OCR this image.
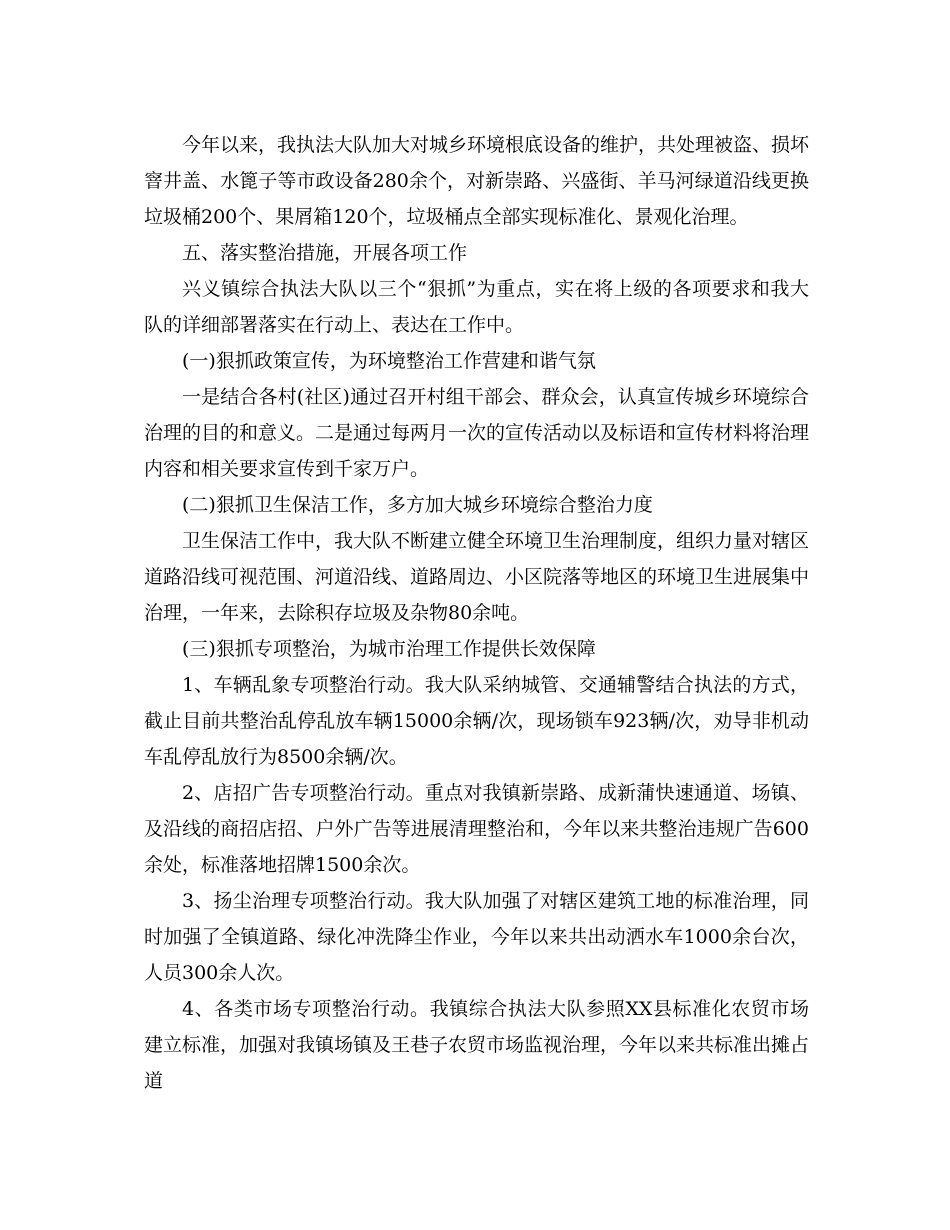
今年以来，我执法大队加大对城乡环境根底设备的维护，共处理被盗、损坏窨井盖、水篦子等市政设备280余个，对新崇路、兴盛街、羊马河绿道沿线更换垃圾桶200个、果屑箱120个，垃圾桶点全部实现标准化、景观化治理。

五、落实整治措施，开展各项工作

兴义镇综合执法大队以三个“狠抓”为重点，实在将上级的各项要求和我大队的详细部署落实在行动上、表达在工作中。

(一)狠抓政策宣传，为环境整治工作营建和谐气氛

一是结合各村(社区)通过召开村组干部会、群众会，认真宣传城乡环境综合治理的目的和意义。二是通过每两月一次的宣传活动以及标语和宣传材料将治理内容和相关要求宣传到千家万户。

(二)狠抓卫生保洁工作，多方加大城乡环境综合整治力度

卫生保洁工作中，我大队不断建立健全环境卫生治理制度，组织力量对辖区道路沿线可视范围、河道沿线、道路周边、小区院落等地区的环境卫生进展集中治理，一年来，去除积存垃圾及杂物80余吨。

(三)狠抓专项整治，为城市治理工作提供长效保障

1、车辆乱象专项整治行动。我大队采纳城管、交通辅警结合执法的方式，截止目前共整治乱停乱放车辆15000余辆/次，现场锁车923辆/次，劝导非机动车乱停乱放行为8500余辆/次。

2、店招广告专项整治行动。重点对我镇新崇路、成新蒲快速通道、场镇、及沿线的商招店招、户外广告等进展清理整治和，今年以来共整治违规广告600余处，标准落地招牌1500余次。

3、扬尘治理专项整治行动。我大队加强了对辖区建筑工地的标准治理，同时加强了全镇道路、绿化冲洗降尘作业，今年以来共出动洒水车1000余台次，人员300余人次。

4、各类市场专项整治行动。我镇综合执法大队参照XX县标准化农贸市场建立标准，加强对我镇场镇及王巷子农贸市场监视治理，今年以来共标准出摊占道
